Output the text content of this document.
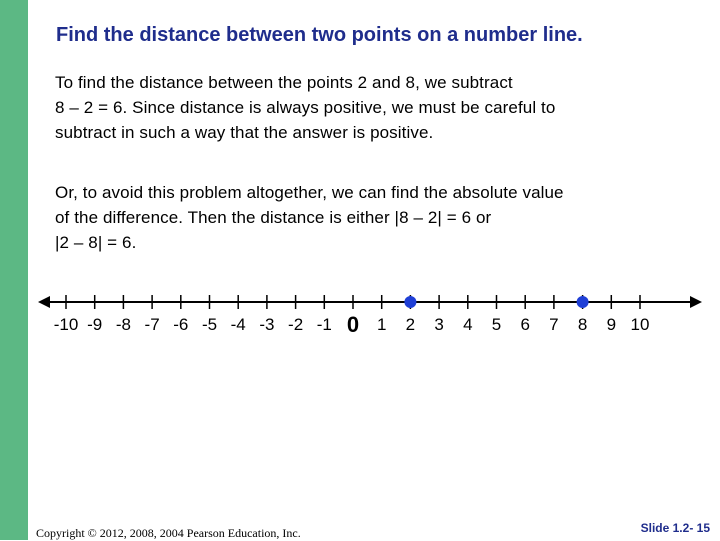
Find the distance between two points on a number line.
To find the distance between the points 2 and 8, we subtract
8 – 2 = 6. Since distance is always positive, we must be careful to
subtract in such a way that the answer is positive.
Or, to avoid this problem altogether, we can find the absolute value
of the difference. Then the distance is either |8 – 2| = 6 or
|2 – 8| = 6.
-10 -9 -8 -7 -6 -5 -4 -3 -2 -1 0 1 2 3 4 5 6 7 8 9 10
Copyright © 2012, 2008, 2004 Pearson Education, Inc.	Slide 1.2- 15
